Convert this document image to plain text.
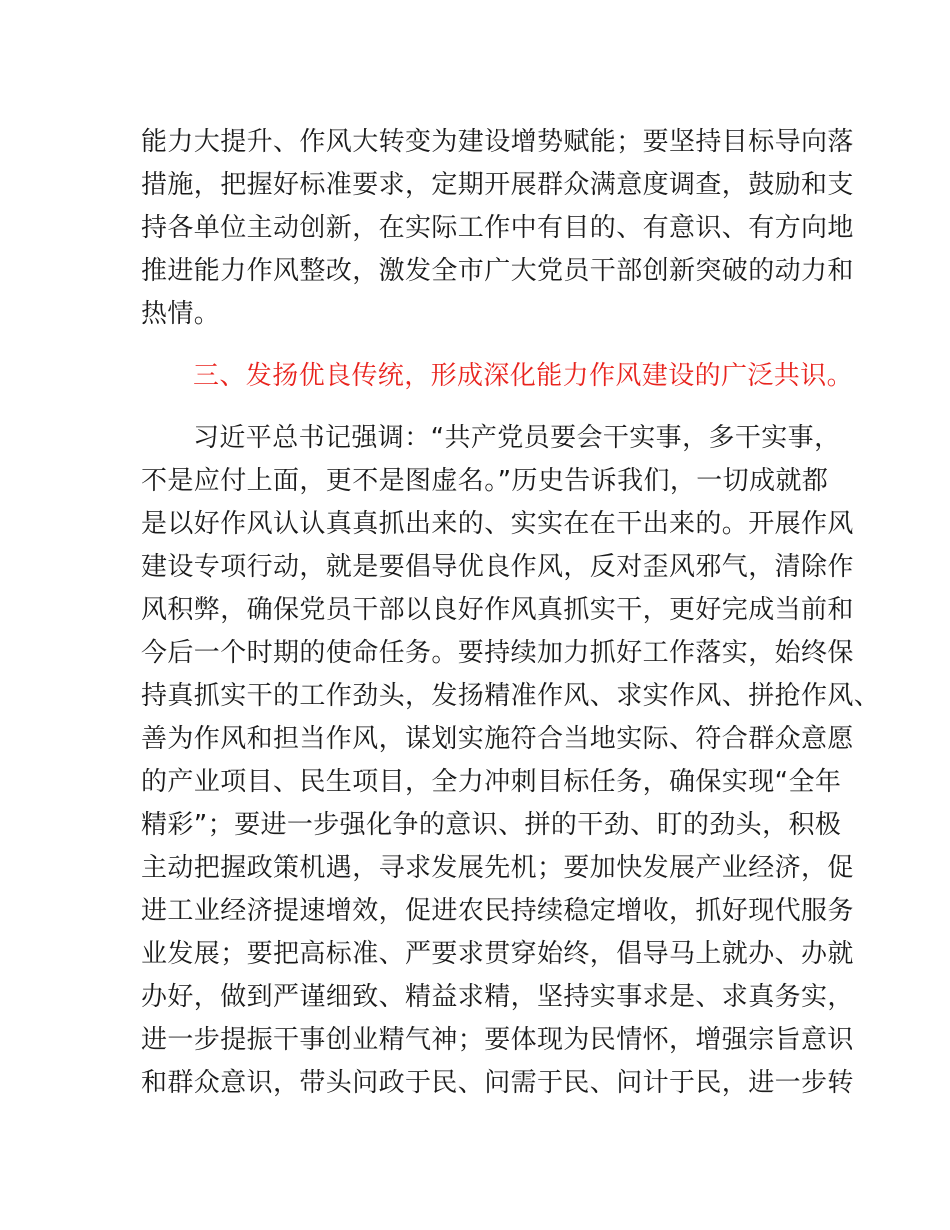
能力大提升、作风大转变为建设增势赋能；要坚持目标导向落
措施，把握好标准要求，定期开展群众满意度调查，鼓励和支
持各单位主动创新，在实际工作中有目的、有意识、有方向地
推进能力作风整改，激发全市广大党员干部创新突破的动力和
热情。
三、发扬优良传统，形成深化能力作风建设的广泛共识。
习近平总书记强调：“共产党员要会干实事，多干实事，
不是应付上面，更不是图虚名。”历史告诉我们，一切成就都
是以好作风认认真真抓出来的、实实在在干出来的。开展作风
建设专项行动，就是要倡导优良作风，反对歪风邪气，清除作
风积弊，确保党员干部以良好作风真抓实干，更好完成当前和
今后一个时期的使命任务。要持续加力抓好工作落实，始终保
持真抓实干的工作劲头，发扬精准作风、求实作风、拼抢作风、
善为作风和担当作风，谋划实施符合当地实际、符合群众意愿
的产业项目、民生项目，全力冲刺目标任务，确保实现“全年
精彩”；要进一步强化争的意识、拼的干劲、盯的劲头，积极
主动把握政策机遇，寻求发展先机；要加快发展产业经济，促
进工业经济提速增效，促进农民持续稳定增收，抓好现代服务
业发展；要把高标准、严要求贯穿始终，倡导马上就办、办就
办好，做到严谨细致、精益求精，坚持实事求是、求真务实，
进一步提振干事创业精气神；要体现为民情怀，增强宗旨意识
和群众意识，带头问政于民、问需于民、问计于民，进一步转
